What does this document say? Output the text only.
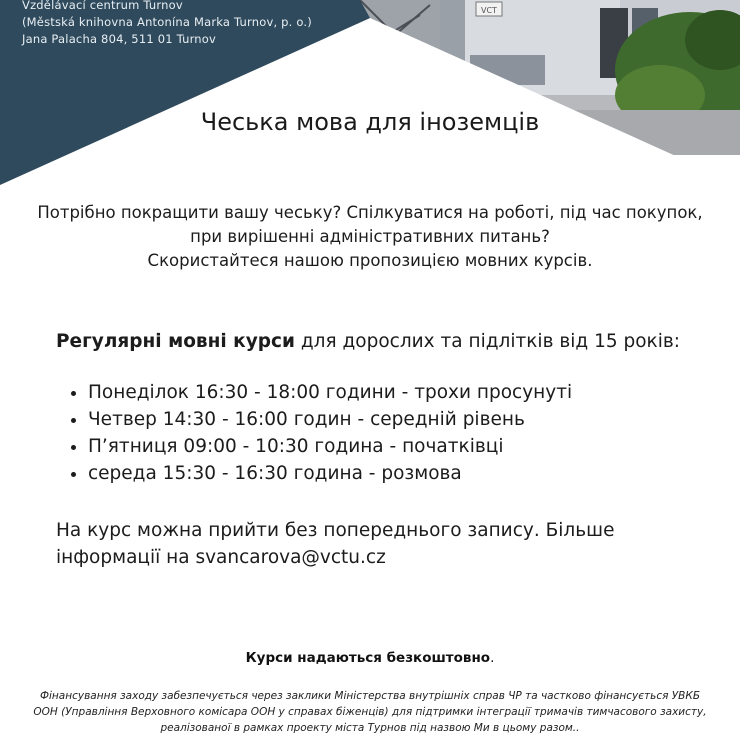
VCT
Vzdělávací centrum Turnov
(Městská knihovna Antonína Marka Turnov, p. o.)
Jana Palacha 804, 511 01 Turnov
Чеська мова для іноземців
Потрібно покращити вашу чеську? Спілкуватися на роботі, під час покупок,
при вирішенні адміністративних питань?
Скористайтеся нашою пропозицією мовних курсів.
Регулярні мовні курси для дорослих та підлітків від 15 років:
• Понеділок 16:30 - 18:00 години - трохи просунуті
• Четвер 14:30 - 16:00 годин - середній рівень
• П’ятниця 09:00 - 10:30 година - початківці
• середа 15:30 - 16:30 година - розмова
На курс можна прийти без попереднього запису. Більше
інформації на svancarova@vctu.cz
Курси надаються безкоштовно.
Фінансування заходу забезпечується через заклики Міністерства внутрішніх справ ЧР та частково фінансується УВКБ
ООН (Управління Верховного комісара ООН у справах біженців) для підтримки інтеграції тримачів тимчасового захисту,
реалізованої в рамках проекту міста Турнов під назвою Ми в цьому разом..
